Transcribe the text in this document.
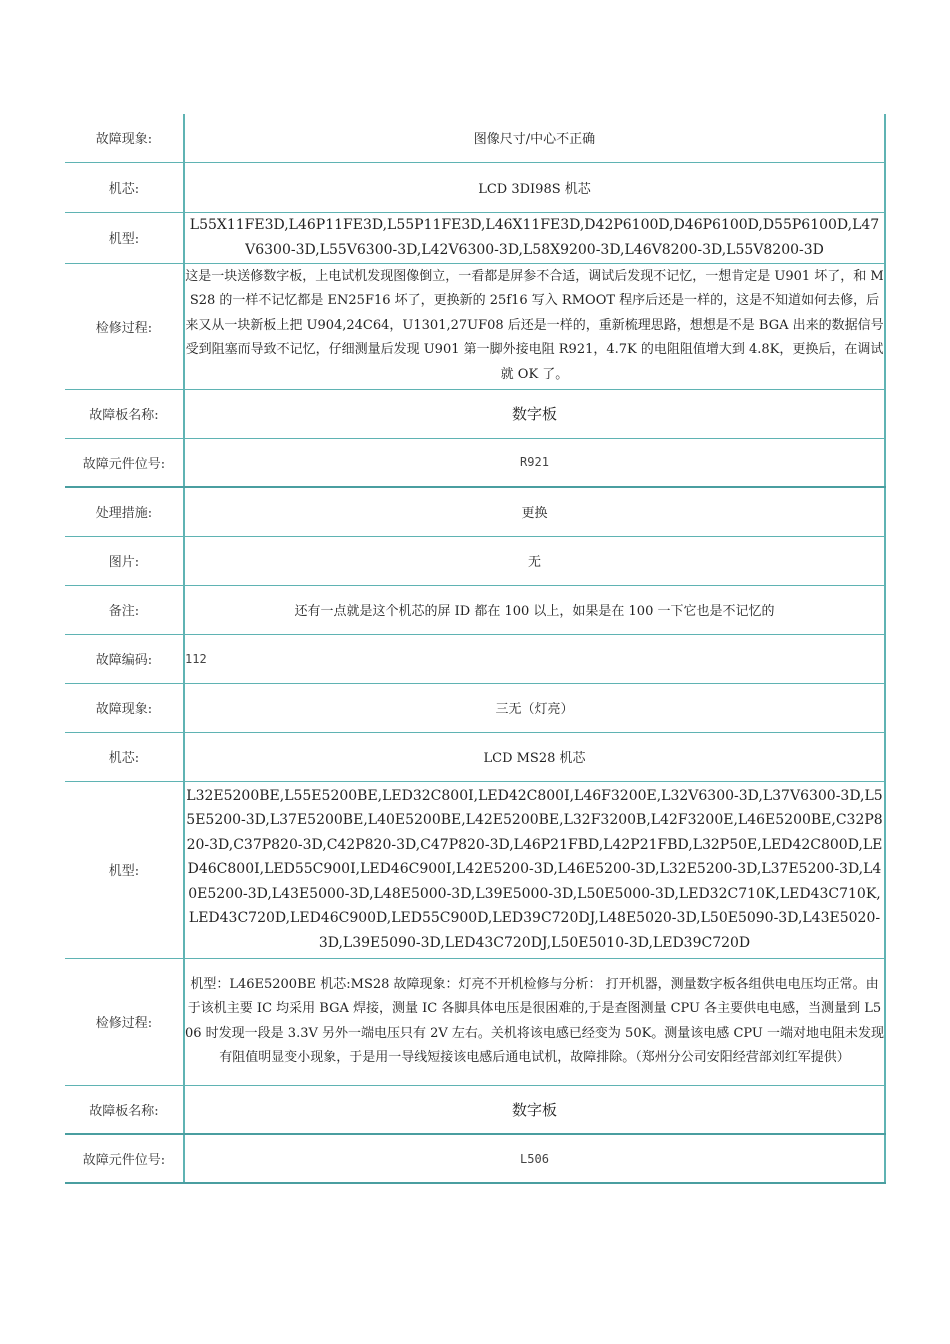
故障现象:	图像尺寸/中心不正确
机芯:	LCD 3DI98S 机芯
机型:	L55X11FE3D,L46P11FE3D,L55P11FE3D,L46X11FE3D,D42P6100D,D46P6100D,D55P6100D,L47V6300-3D,L55V6300-3D,L42V6300-3D,L58X9200-3D,L46V8200-3D,L55V8200-3D
检修过程:	这是一块送修数字板，上电试机发现图像倒立，一看都是屏参不合适，调试后发现不记忆，一想肯定是 U901 坏了，和 MS28 的一样不记忆都是 EN25F16 坏了，更换新的 25f16 写入 RMOOT 程序后还是一样的，这是不知道如何去修，后来又从一块新板上把 U904,24C64，U1301,27UF08 后还是一样的，重新梳理思路，想想是不是 BGA 出来的数据信号受到阻塞而导致不记忆，仔细测量后发现 U901 第一脚外接电阻 R921，4.7K 的电阻阻值增大到 4.8K，更换后，在调试就 OK 了。
故障板名称:	数字板
故障元件位号:	R921
处理措施:	更换
图片:	无
备注:	还有一点就是这个机芯的屏 ID 都在 100 以上，如果是在 100 一下它也是不记忆的
故障编码:	112
故障现象:	三无（灯亮）
机芯:	LCD MS28 机芯
机型:	L32E5200BE,L55E5200BE,LED32C800I,LED42C800I,L46F3200E,L32V6300-3D,L37V6300-3D,L55E5200-3D,L37E5200BE,L40E5200BE,L42E5200BE,L32F3200B,L42F3200E,L46E5200BE,C32P820-3D,C37P820-3D,C42P820-3D,C47P820-3D,L46P21FBD,L42P21FBD,L32P50E,LED42C800D,LED46C800I,LED55C900I,LED46C900I,L42E5200-3D,L46E5200-3D,L32E5200-3D,L37E5200-3D,L40E5200-3D,L43E5000-3D,L48E5000-3D,L39E5000-3D,L50E5000-3D,LED32C710K,LED43C710K,LED43C720D,LED46C900D,LED55C900D,LED39C720DJ,L48E5020-3D,L50E5090-3D,L43E5020-3D,L39E5090-3D,LED43C720DJ,L50E5010-3D,LED39C720D
检修过程:	机型：L46E5200BE 机芯:MS28 故障现象：灯亮不开机检修与分析： 打开机器，测量数字板各组供电电压均正常。由于该机主要 IC 均采用 BGA 焊接，测量 IC 各脚具体电压是很困难的,于是查图测量 CPU 各主要供电电感，当测量到 L506 时发现一段是 3.3V 另外一端电压只有 2V 左右。关机将该电感已经变为 50K。测量该电感 CPU 一端对地电阻未发现有阻值明显变小现象，于是用一导线短接该电感后通电试机，故障排除。（郑州分公司安阳经营部刘红军提供）
故障板名称:	数字板
故障元件位号:	L506
